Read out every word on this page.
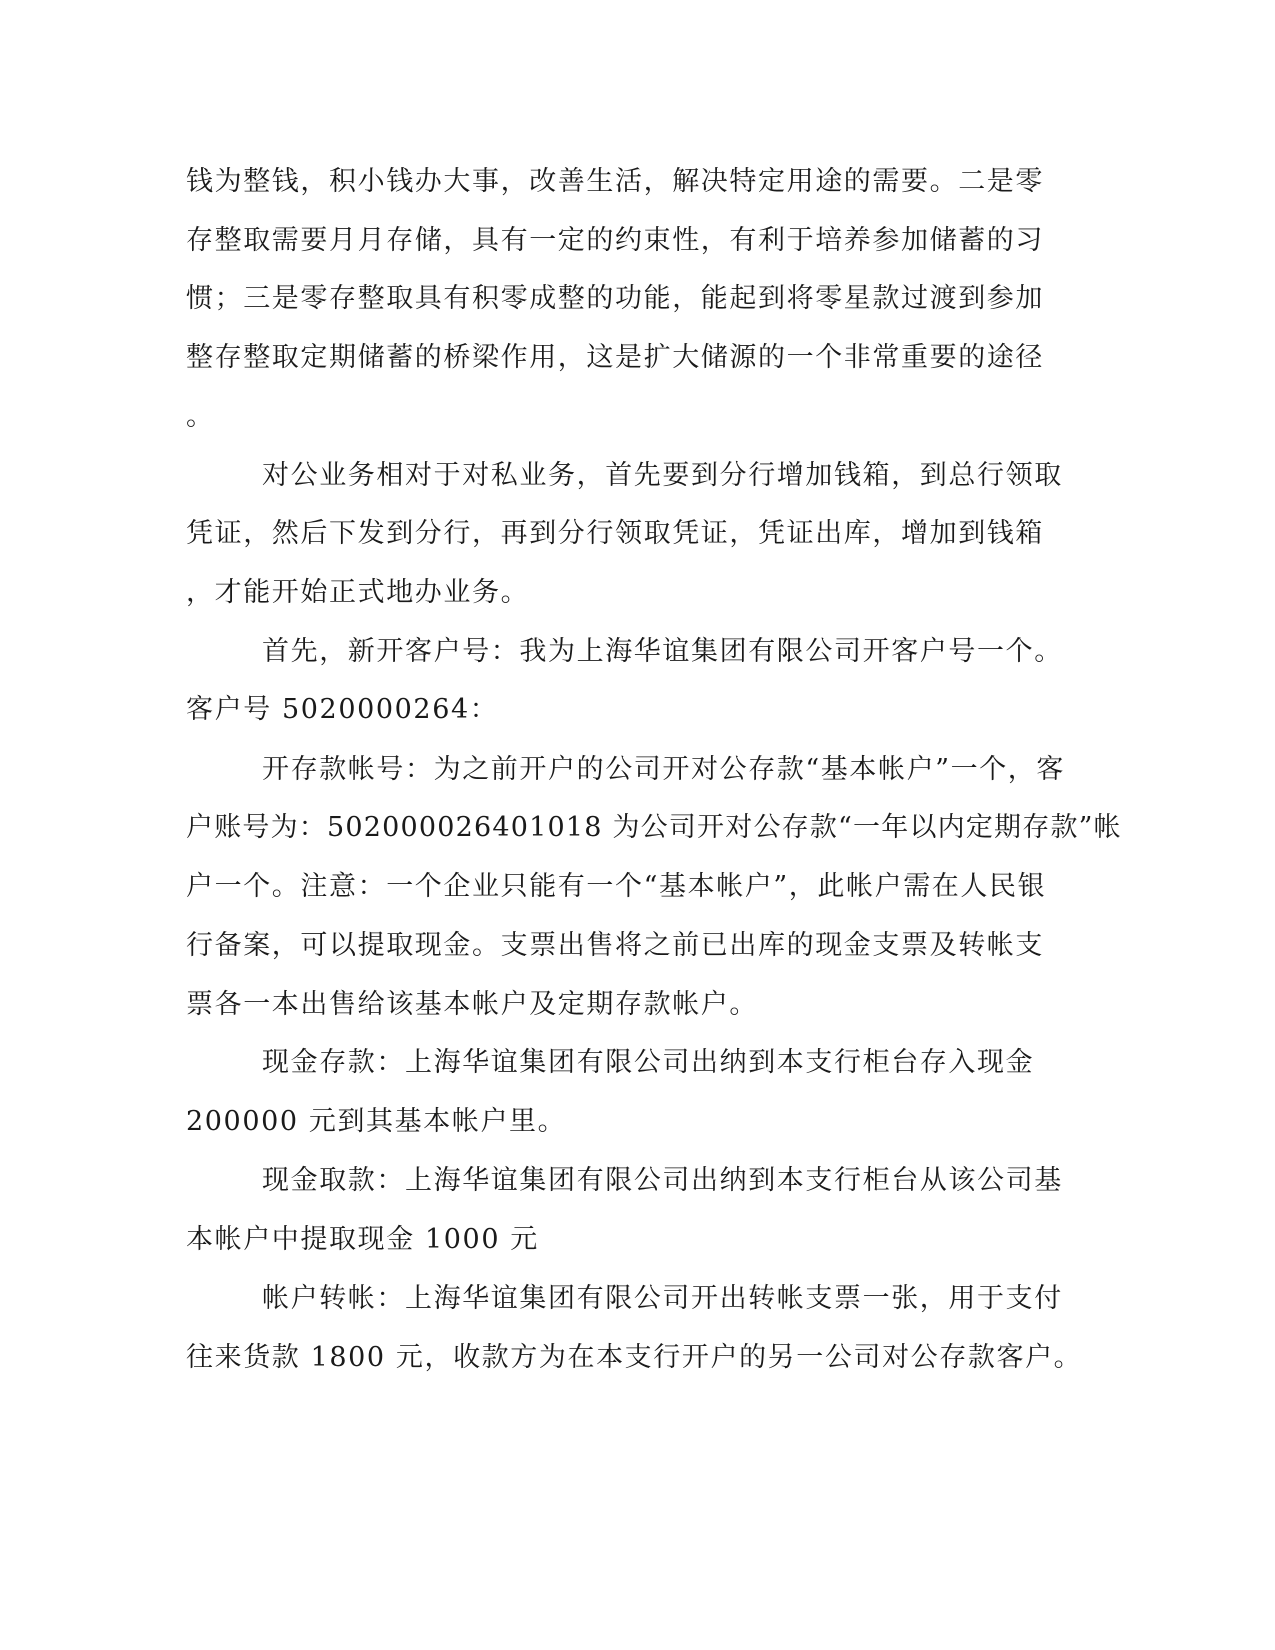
钱为整钱，积小钱办大事，改善生活，解决特定用途的需要。二是零
存整取需要月月存储，具有一定的约束性，有利于培养参加储蓄的习
惯；三是零存整取具有积零成整的功能，能起到将零星款过渡到参加
整存整取定期储蓄的桥梁作用，这是扩大储源的一个非常重要的途径
。
对公业务相对于对私业务，首先要到分行增加钱箱，到总行领取
凭证，然后下发到分行，再到分行领取凭证，凭证出库，增加到钱箱
，才能开始正式地办业务。
首先，新开客户号：我为上海华谊集团有限公司开客户号一个。
客户号 5020000264：
开存款帐号：为之前开户的公司开对公存款“基本帐户”一个，客
户账号为：502000026401018 为公司开对公存款“一年以内定期存款”帐
户一个。注意：一个企业只能有一个“基本帐户”，此帐户需在人民银
行备案，可以提取现金。支票出售将之前已出库的现金支票及转帐支
票各一本出售给该基本帐户及定期存款帐户。
现金存款：上海华谊集团有限公司出纳到本支行柜台存入现金
200000 元到其基本帐户里。
现金取款：上海华谊集团有限公司出纳到本支行柜台从该公司基
本帐户中提取现金 1000 元
帐户转帐：上海华谊集团有限公司开出转帐支票一张，用于支付
往来货款 1800 元，收款方为在本支行开户的另一公司对公存款客户。
